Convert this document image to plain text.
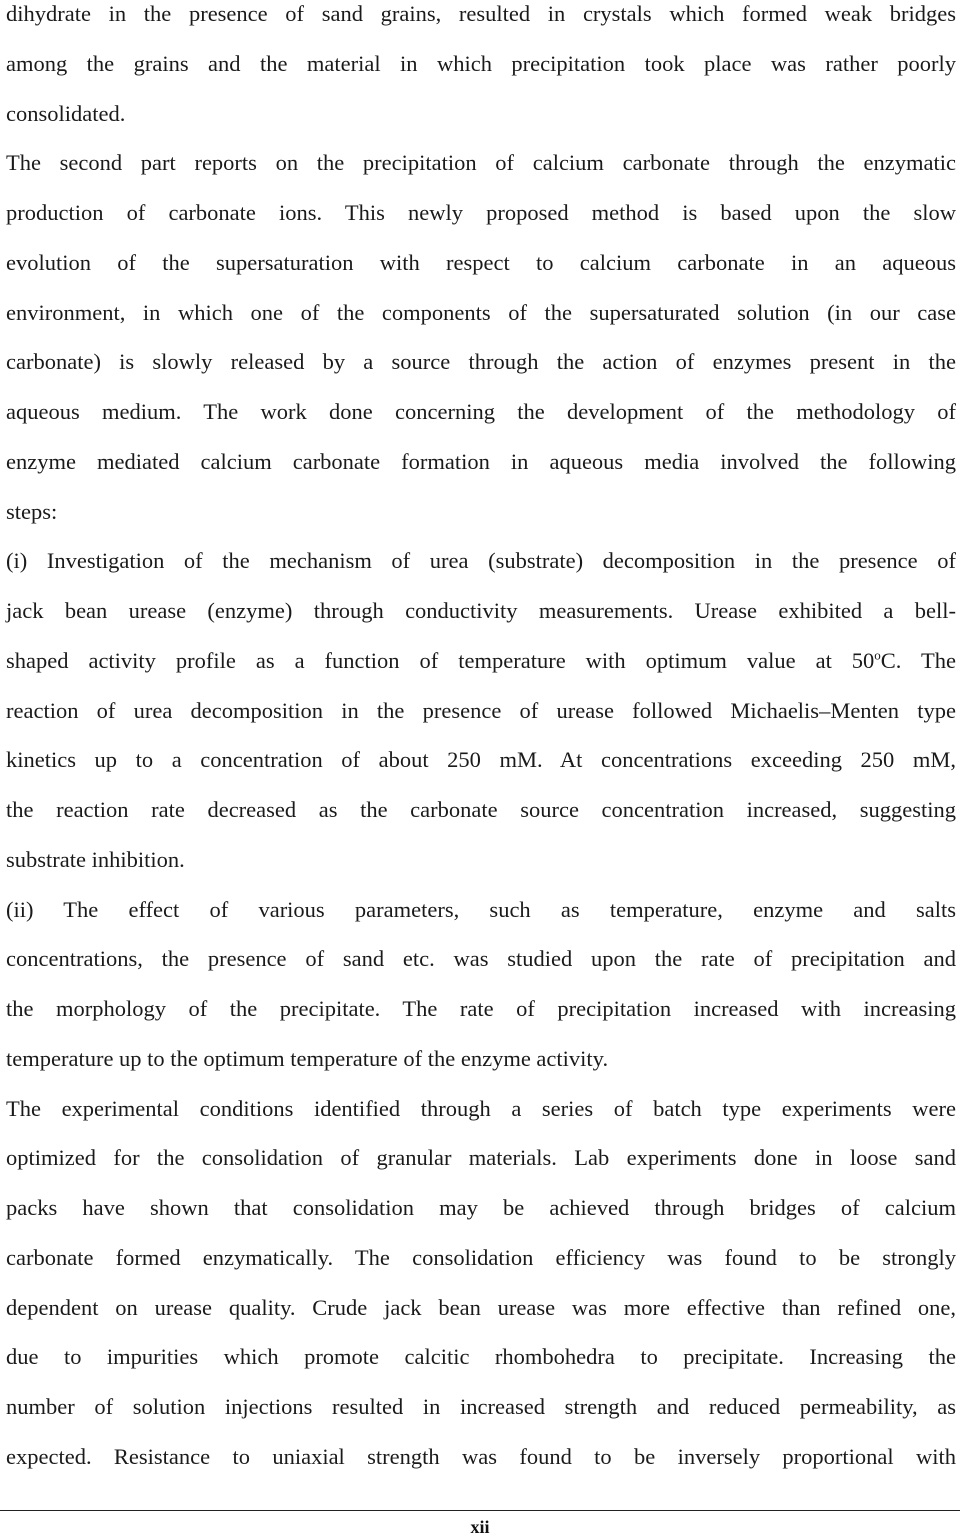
dihydrate in the presence of sand grains, resulted in crystals which formed weak bridges
among the grains and the material in which precipitation took place was rather poorly
consolidated.
The second part reports on the precipitation of calcium carbonate through the enzymatic
production of carbonate ions. This newly proposed method is based upon the slow
evolution of the supersaturation with respect to calcium carbonate in an aqueous
environment, in which one of the components of the supersaturated solution (in our case
carbonate) is slowly released by a source through the action of enzymes present in the
aqueous medium. The work done concerning the development of the methodology of
enzyme mediated calcium carbonate formation in aqueous media involved the following
steps:
(i) Investigation of the mechanism of urea (substrate) decomposition in the presence of
jack bean urease (enzyme) through conductivity measurements. Urease exhibited a bell-
shaped activity profile as a function of temperature with optimum value at 50$^o$C. The
reaction of urea decomposition in the presence of urease followed Michaelis–Menten type
kinetics up to a concentration of about 250 mM. At concentrations exceeding 250 mM,
the reaction rate decreased as the carbonate source concentration increased, suggesting
substrate inhibition.
(ii) The effect of various parameters, such as temperature, enzyme and salts
concentrations, the presence of sand etc. was studied upon the rate of precipitation and
the morphology of the precipitate. The rate of precipitation increased with increasing
temperature up to the optimum temperature of the enzyme activity.
The experimental conditions identified through a series of batch type experiments were
optimized for the consolidation of granular materials. Lab experiments done in loose sand
packs have shown that consolidation may be achieved through bridges of calcium
carbonate formed enzymatically. The consolidation efficiency was found to be strongly
dependent on urease quality. Crude jack bean urease was more effective than refined one,
due to impurities which promote calcitic rhombohedra to precipitate. Increasing the
number of solution injections resulted in increased strength and reduced permeability, as
expected. Resistance to uniaxial strength was found to be inversely proportional with
xii
